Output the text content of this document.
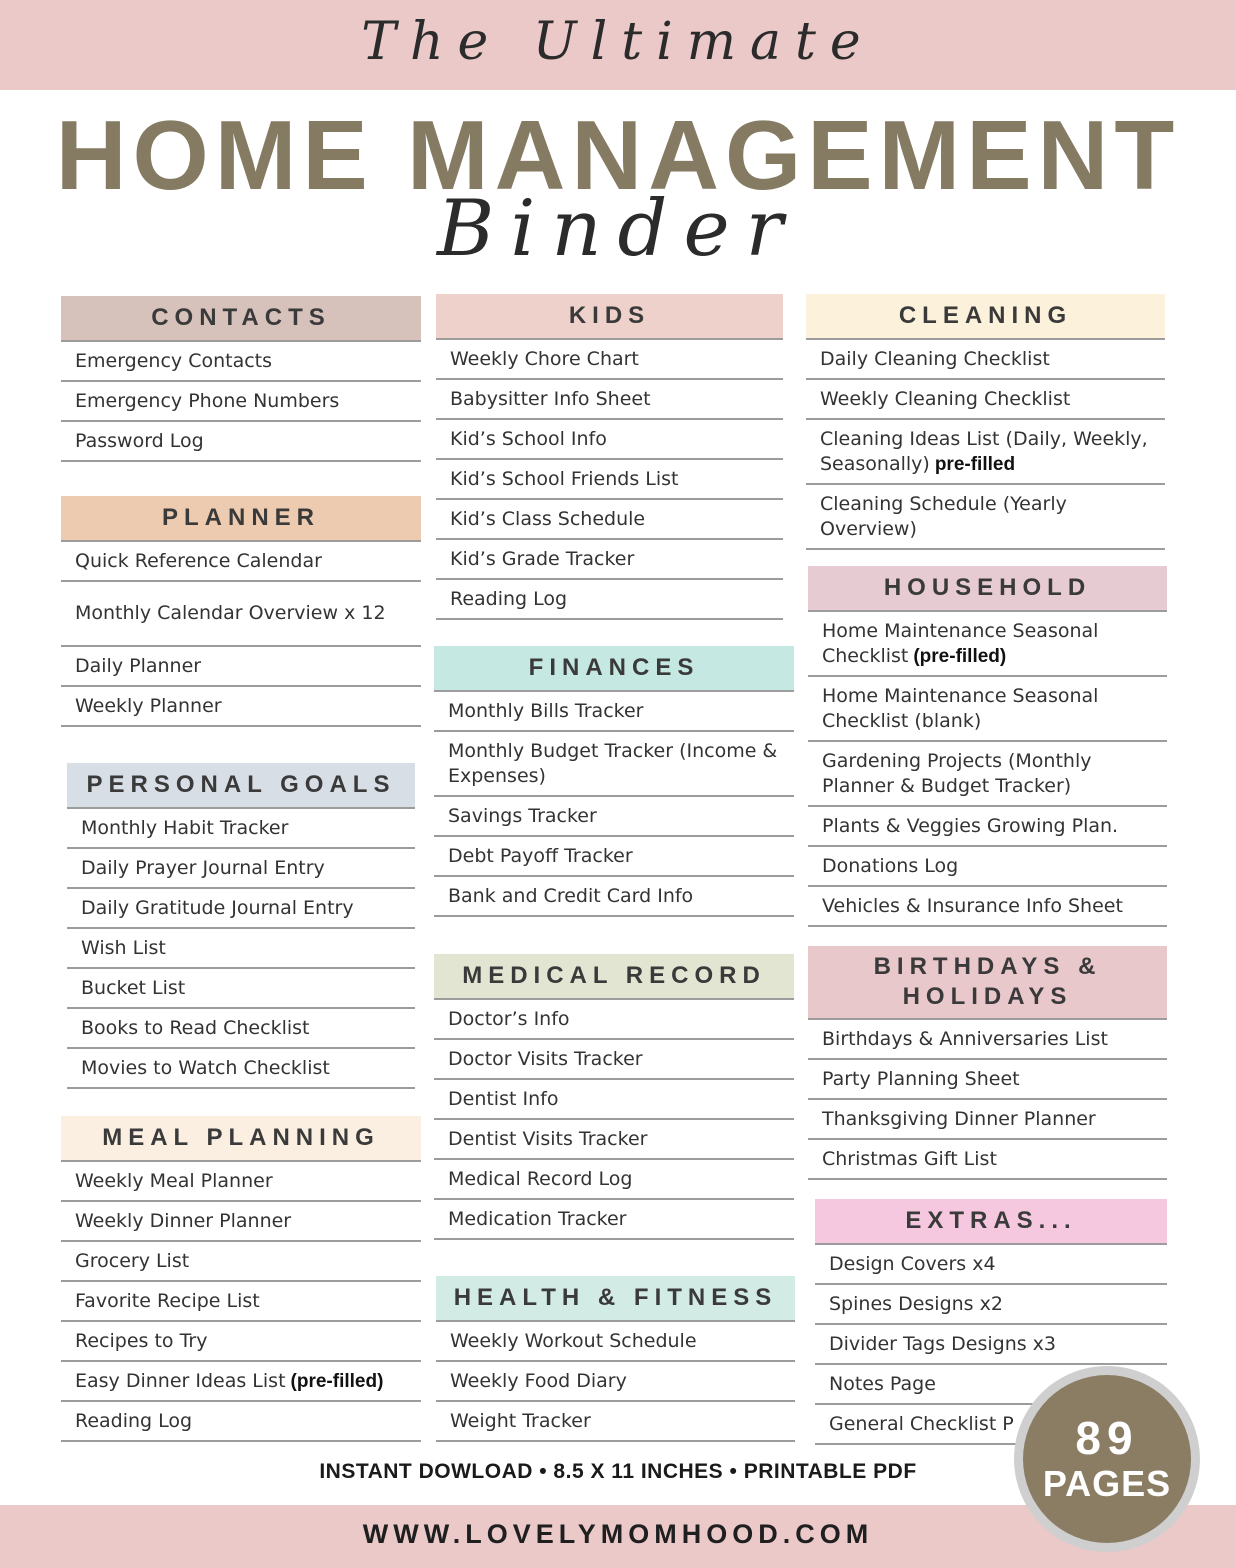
The Ultimate
HOME MANAGEMENT
Binder
CONTACTS
Emergency Contacts
Emergency Phone Numbers
Password Log
PLANNER
Quick Reference Calendar
Monthly Calendar Overview x 12
Daily Planner
Weekly Planner
PERSONAL GOALS
Monthly Habit Tracker
Daily Prayer Journal Entry
Daily Gratitude Journal Entry
Wish List
Bucket List
Books to Read Checklist
Movies to Watch Checklist
MEAL PLANNING
Weekly Meal Planner
Weekly Dinner Planner
Grocery List
Favorite Recipe List
Recipes to Try
Easy Dinner Ideas List (pre-filled)
Reading Log
KIDS
Weekly Chore Chart
Babysitter Info Sheet
Kid’s School Info
Kid’s School Friends List
Kid’s Class Schedule
Kid’s Grade Tracker
Reading Log
FINANCES
Monthly Bills Tracker
Monthly Budget Tracker (Income & Expenses)
Savings Tracker
Debt Payoff Tracker
Bank and Credit Card Info
MEDICAL RECORD
Doctor’s Info
Doctor Visits Tracker
Dentist Info
Dentist Visits Tracker
Medical Record Log
Medication Tracker
HEALTH & FITNESS
Weekly Workout Schedule
Weekly Food Diary
Weight Tracker
CLEANING
Daily Cleaning Checklist
Weekly Cleaning Checklist
Cleaning Ideas List (Daily, Weekly, Seasonally) pre-filled
Cleaning Schedule (Yearly Overview)
HOUSEHOLD
Home Maintenance Seasonal Checklist (pre-filled)
Home Maintenance Seasonal Checklist (blank)
Gardening Projects (Monthly Planner & Budget Tracker)
Plants & Veggies Growing Plan.
Donations Log
Vehicles & Insurance Info Sheet
BIRTHDAYS & HOLIDAYS
Birthdays & Anniversaries List
Party Planning Sheet
Thanksgiving Dinner Planner
Christmas Gift List
EXTRAS...
Design Covers x4
Spines Designs x2
Divider Tags Designs x3
Notes Page
General Checklist P
INSTANT DOWLOAD • 8.5 X 11 INCHES • PRINTABLE PDF
WWW.LOVELYMOMHOOD.COM
89
PAGES
